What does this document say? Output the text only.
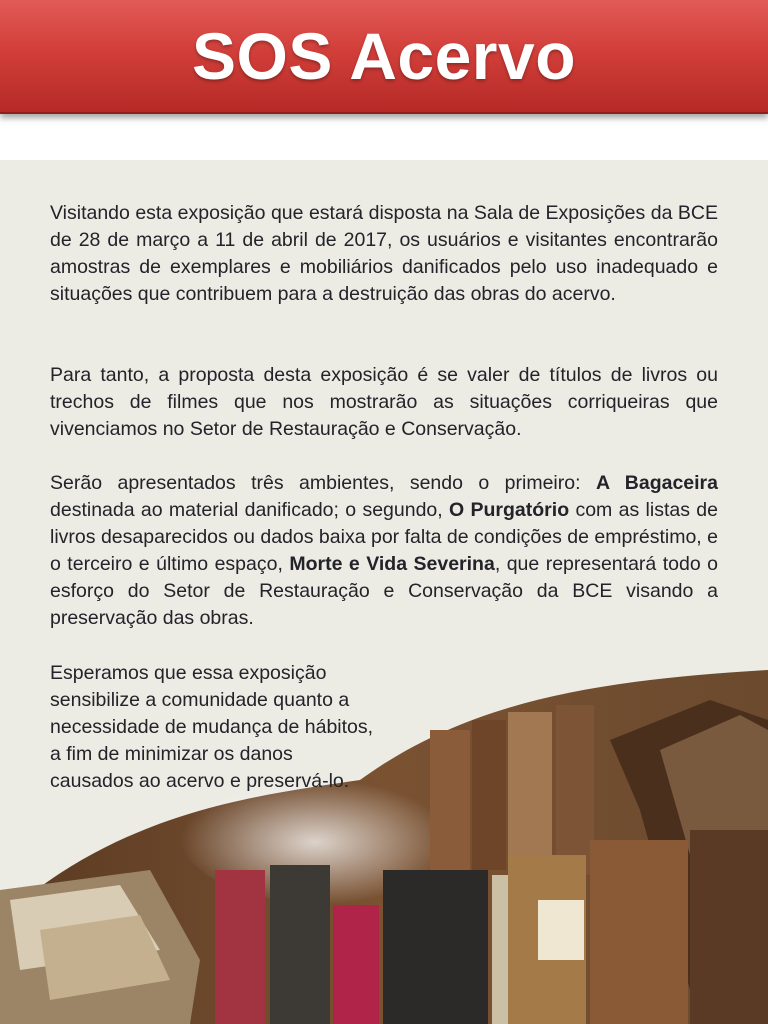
SOS Acervo

Visitando esta exposição que estará disposta na Sala de Exposições da BCE de 28 de março a 11 de abril de 2017, os usuários e visitantes encontrarão amostras de exemplares e mobiliários danificados pelo uso inadequado e situações que contribuem para a destruição das obras do acervo.

Para tanto, a proposta desta exposição é se valer de títulos de livros ou trechos de filmes que nos mostrarão as situações corriqueiras que vivenciamos no Setor de Restauração e Conservação.

Serão apresentados três ambientes, sendo o primeiro: A Bagaceira destinada ao material danificado; o segundo, O Purgatório com as listas de livros desaparecidos ou dados baixa por falta de condições de empréstimo, e o terceiro e último espaço, Morte e Vida Severina, que representará todo o esforço do Setor de Restauração e Conservação da BCE visando a preservação das obras.

Esperamos que essa exposição sensibilize a comunidade quanto a necessidade de mudança de hábitos, a fim de minimizar os danos causados ao acervo e preservá-lo.
